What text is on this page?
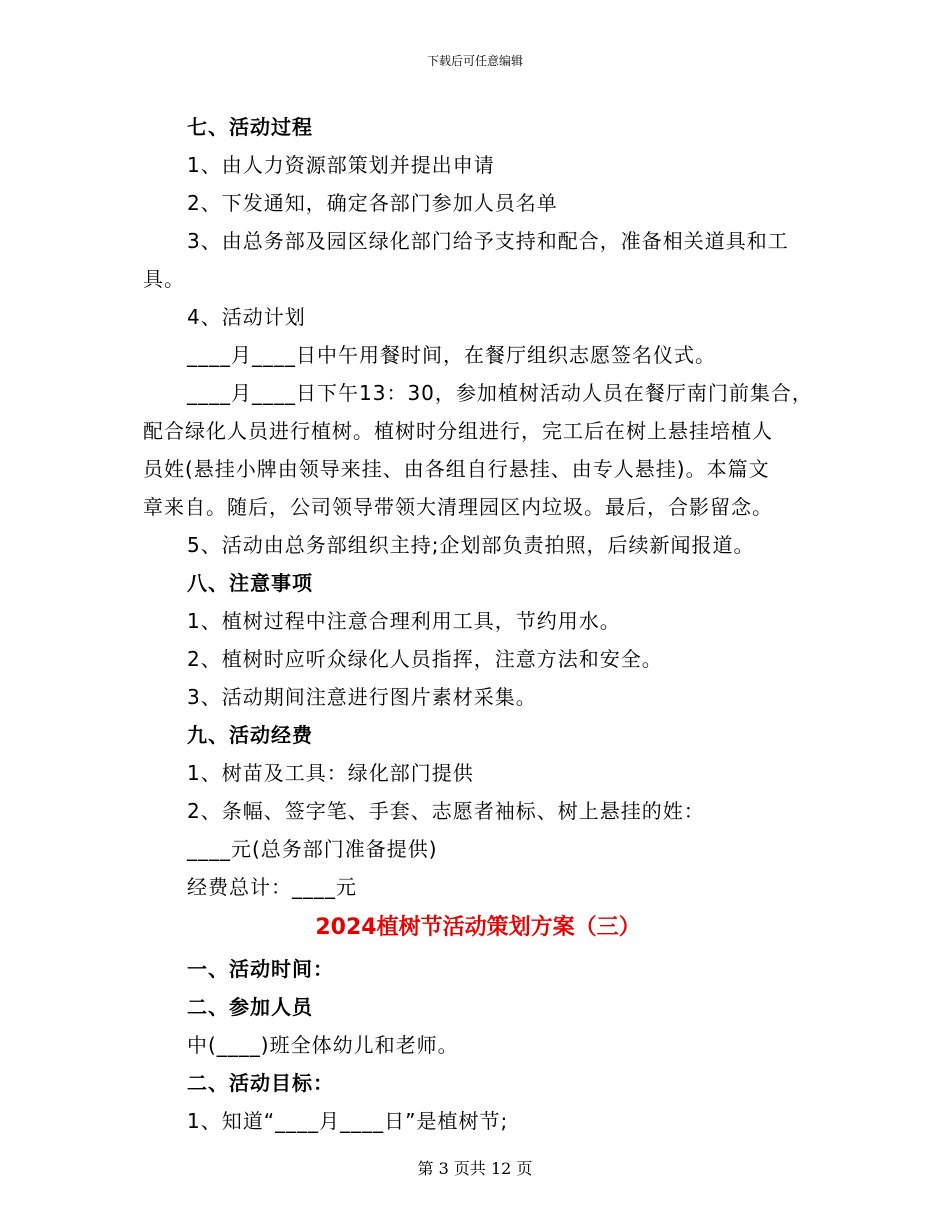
下载后可任意编辑
七、活动过程
1、由人力资源部策划并提出申请
2、下发通知，确定各部门参加人员名单
3、由总务部及园区绿化部门给予支持和配合，准备相关道具和工
具。
4、活动计划
____月____日中午用餐时间，在餐厅组织志愿签名仪式。
____月____日下午13：30，参加植树活动人员在餐厅南门前集合，
配合绿化人员进行植树。植树时分组进行，完工后在树上悬挂培植人
员姓(悬挂小牌由领导来挂、由各组自行悬挂、由专人悬挂)。本篇文
章来自。随后，公司领导带领大清理园区内垃圾。最后，合影留念。
5、活动由总务部组织主持;企划部负责拍照，后续新闻报道。
八、注意事项
1、植树过程中注意合理利用工具，节约用水。
2、植树时应听众绿化人员指挥，注意方法和安全。
3、活动期间注意进行图片素材采集。
九、活动经费
1、树苗及工具：绿化部门提供
2、条幅、签字笔、手套、志愿者袖标、树上悬挂的姓：
____元(总务部门准备提供)
经费总计：____元
2024植树节活动策划方案（三）
一、活动时间：
二、参加人员
中(____)班全体幼儿和老师。
二、活动目标：
1、知道“____月____日”是植树节;
第 3 页共 12 页
